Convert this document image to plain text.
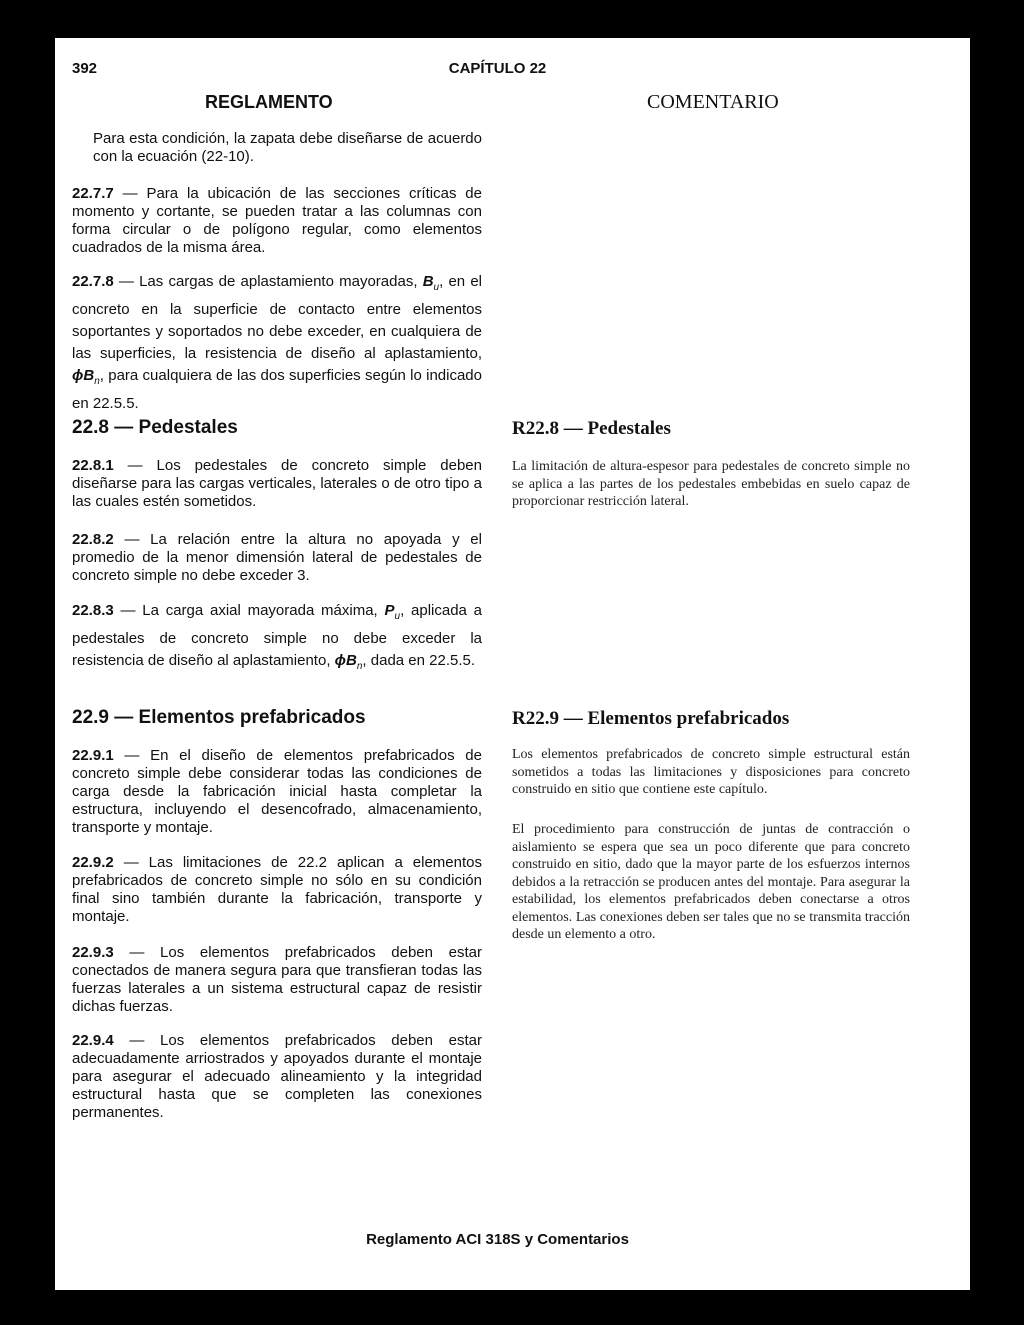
392	CAPÍTULO 22
REGLAMENTO	COMENTARIO
Para esta condición, la zapata debe diseñarse de acuerdo con la ecuación (22-10).
22.7.7 — Para la ubicación de las secciones críticas de momento y cortante, se pueden tratar a las columnas con forma circular o de polígono regular, como elementos cuadrados de la misma área.
22.7.8 — Las cargas de aplastamiento mayoradas, $B_u$, en el concreto en la superficie de contacto entre elementos soportantes y soportados no debe exceder, en cualquiera de las superficies, la resistencia de diseño al aplastamiento, $\phi B_n$, para cualquiera de las dos superficies según lo indicado en 22.5.5.
22.8 — Pedestales
22.8.1 — Los pedestales de concreto simple deben diseñarse para las cargas verticales, laterales o de otro tipo a las cuales estén sometidos.
22.8.2 — La relación entre la altura no apoyada y el promedio de la menor dimensión lateral de pedestales de concreto simple no debe exceder 3.
22.8.3 — La carga axial mayorada máxima, $P_u$, aplicada a pedestales de concreto simple no debe exceder la resistencia de diseño al aplastamiento, $\phi B_n$, dada en 22.5.5.
22.9 — Elementos prefabricados
22.9.1 — En el diseño de elementos prefabricados de concreto simple debe considerar todas las condiciones de carga desde la fabricación inicial hasta completar la estructura, incluyendo el desencofrado, almacenamiento, transporte y montaje.
22.9.2 — Las limitaciones de 22.2 aplican a elementos prefabricados de concreto simple no sólo en su condición final sino también durante la fabricación, transporte y montaje.
22.9.3 — Los elementos prefabricados deben estar conectados de manera segura para que transfieran todas las fuerzas laterales a un sistema estructural capaz de resistir dichas fuerzas.
22.9.4 — Los elementos prefabricados deben estar adecuadamente arriostrados y apoyados durante el montaje para asegurar el adecuado alineamiento y la integridad estructural hasta que se completen las conexiones permanentes.
R22.8 — Pedestales
La limitación de altura-espesor para pedestales de concreto simple no se aplica a las partes de los pedestales embebidas en suelo capaz de proporcionar restricción lateral.
R22.9 — Elementos prefabricados
Los elementos prefabricados de concreto simple estructural están sometidos a todas las limitaciones y disposiciones para concreto construido en sitio que contiene este capítulo.
El procedimiento para construcción de juntas de contracción o aislamiento se espera que sea un poco diferente que para concreto construido en sitio, dado que la mayor parte de los esfuerzos internos debidos a la retracción se producen antes del montaje. Para asegurar la estabilidad, los elementos prefabricados deben conectarse a otros elementos. Las conexiones deben ser tales que no se transmita tracción desde un elemento a otro.
Reglamento ACI 318S y Comentarios
